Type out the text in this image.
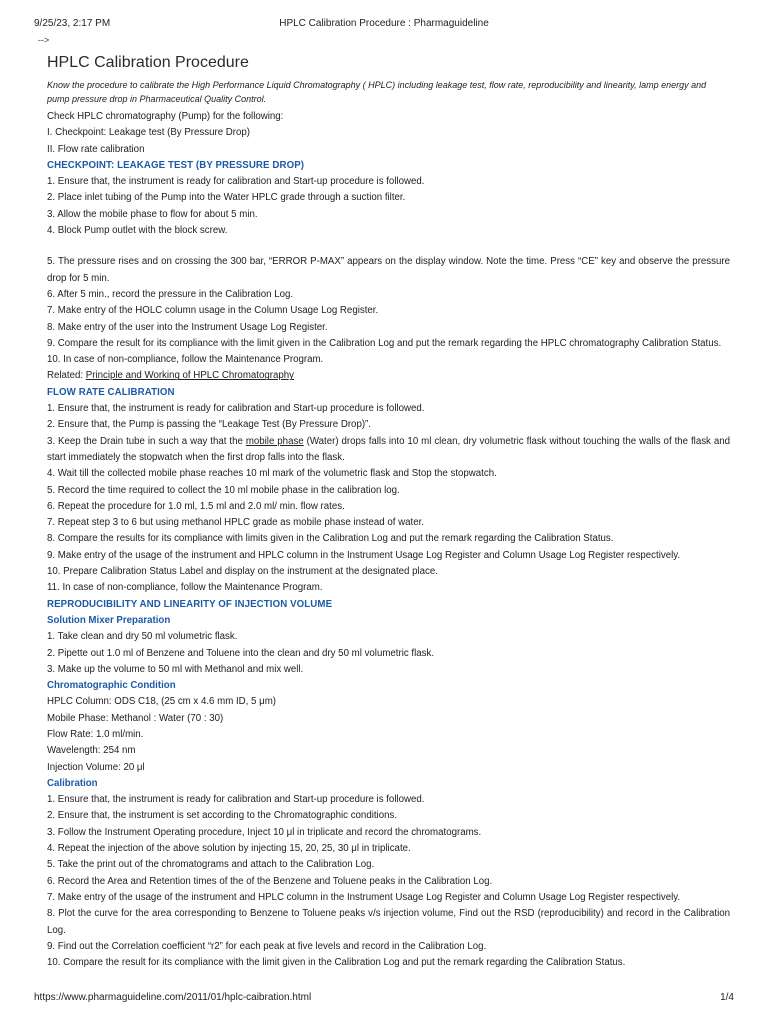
9/25/23, 2:17 PM	HPLC Calibration Procedure : Pharmaguideline
-->
HPLC Calibration Procedure
Know the procedure to calibrate the High Performance Liquid Chromatography ( HPLC) including leakage test, flow rate, reproducibility and linearity, lamp energy and pump pressure drop in Pharmaceutical Quality Control.

Check HPLC chromatography (Pump) for the following:

I. Checkpoint: Leakage test (By Pressure Drop)

II. Flow rate calibration

CHECKPOINT: LEAKAGE TEST (BY PRESSURE DROP)

1. Ensure that, the instrument is ready for calibration and Start-up procedure is followed.

2. Place inlet tubing of the Pump into the Water HPLC grade through a suction filter.

3. Allow the mobile phase to flow for about 5 min.

4. Block Pump outlet with the block screw.

5. The pressure rises and on crossing the 300 bar, “ERROR P-MAX” appears on the display window. Note the time. Press “CE” key and observe the pressure drop for 5 min.

6. After 5 min., record the pressure in the Calibration Log.

7. Make entry of the HOLC column usage in the Column Usage Log Register.

8. Make entry of the user into the Instrument Usage Log Register.

9. Compare the result for its compliance with the limit given in the Calibration Log and put the remark regarding the HPLC chromatography Calibration Status.

10. In case of non-compliance, follow the Maintenance Program.

Related: Principle and Working of HPLC Chromatography

FLOW RATE CALIBRATION

1. Ensure that, the instrument is ready for calibration and Start-up procedure is followed.

2. Ensure that, the Pump is passing the “Leakage Test (By Pressure Drop)”.

3. Keep the Drain tube in such a way that the mobile phase (Water) drops falls into 10 ml clean, dry volumetric flask without touching the walls of the flask and start immediately the stopwatch when the first drop falls into the flask.

4. Wait till the collected mobile phase reaches 10 ml mark of the volumetric flask and Stop the stopwatch.

5. Record the time required to collect the 10 ml mobile phase in the calibration log.

6. Repeat the procedure for 1.0 ml, 1.5 ml and 2.0 ml/ min. flow rates.

7. Repeat step 3 to 6 but using methanol HPLC grade as mobile phase instead of water.

8. Compare the results for its compliance with limits given in the Calibration Log and put the remark regarding the Calibration Status.

9. Make entry of the usage of the instrument and HPLC column in the Instrument Usage Log Register and Column Usage Log Register respectively.

10. Prepare Calibration Status Label and display on the instrument at the designated place.

11. In case of non-compliance, follow the Maintenance Program.

REPRODUCIBILITY AND LINEARITY OF INJECTION VOLUME
Solution Mixer Preparation

1. Take clean and dry 50 ml volumetric flask.

2. Pipette out 1.0 ml of Benzene and Toluene into the clean and dry 50 ml volumetric flask.

3. Make up the volume to 50 ml with Methanol and mix well.

Chromatographic Condition

HPLC Column: ODS C18, (25 cm x 4.6 mm ID, 5 μm)

Mobile Phase: Methanol : Water (70 : 30)

Flow Rate: 1.0 ml/min.

Wavelength: 254 nm

Injection Volume: 20 μl

Calibration

1. Ensure that, the instrument is ready for calibration and Start-up procedure is followed.

2. Ensure that, the instrument is set according to the Chromatographic conditions.

3. Follow the Instrument Operating procedure, Inject 10 μl in triplicate and record the chromatograms.

4. Repeat the injection of the above solution by injecting 15, 20, 25, 30 μl in triplicate.

5. Take the print out of the chromatograms and attach to the Calibration Log.

6. Record the Area and Retention times of the of the Benzene and Toluene peaks in the Calibration Log.

7. Make entry of the usage of the instrument and HPLC column in the Instrument Usage Log Register and Column Usage Log Register respectively.

8. Plot the curve for the area corresponding to Benzene to Toluene peaks v/s injection volume, Find out the RSD (reproducibility) and record in the Calibration Log.

9. Find out the Correlation coefficient “r2” for each peak at five levels and record in the Calibration Log.

10. Compare the result for its compliance with the limit given in the Calibration Log and put the remark regarding the Calibration Status.

https://www.pharmaguideline.com/2011/01/hplc-caibration.html	1/4
